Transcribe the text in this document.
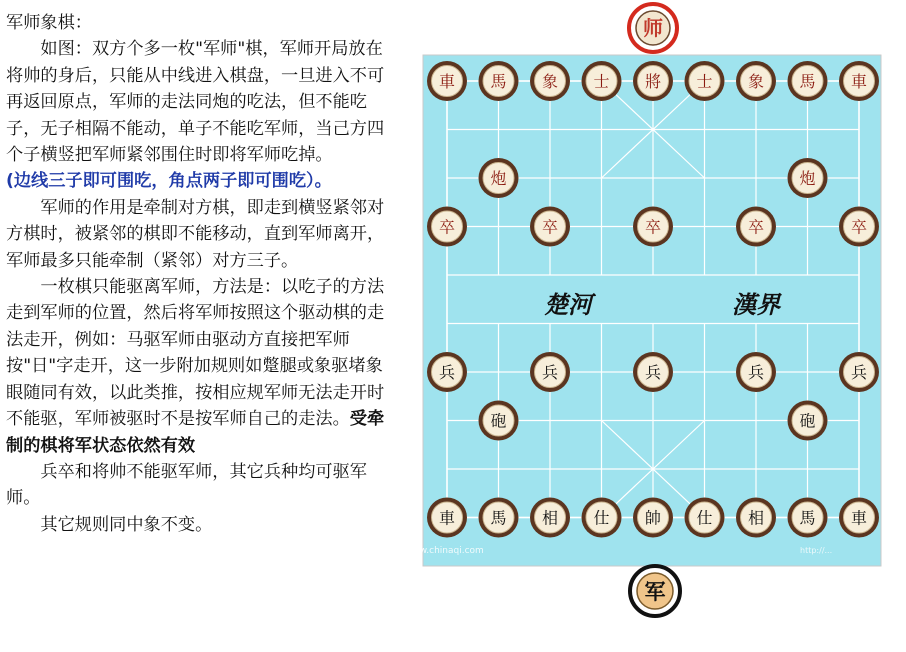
军师象棋：

如图：双方个多一枚"军师"棋，军师开局放在将帅的身后，只能从中线进入棋盘，一旦进入不可再返回原点，军师的走法同炮的吃法，但不能吃子，无子相隔不能动，单子不能吃军师，当己方四个子横竖把军师紧邻围住时即将军师吃掉。

(边线三子即可围吃，角点两子即可围吃）。

军师的作用是牵制对方棋，即走到横竖紧邻对方棋时，被紧邻的棋即不能移动，直到军师离开，军师最多只能牵制（紧邻）对方三子。

一枚棋只能驱离军师，方法是：以吃子的方法走到军师的位置，然后将军师按照这个驱动棋的走法走开，例如：马驱军师由驱动方直接把军师按"日"字走开，这一步附加规则如蹩腿或象驱堵象眼随同有效，以此类推，按相应规军师无法走开时不能驱，军师被驱时不是按军师自己的走法。受牵制的棋将军状态依然有效

兵卒和将帅不能驱军师，其它兵种均可驱军师。

其它规则同中象不变。

楚河	漢界
www.chinaqi.com	http://...
車 馬 象 士 將 士 象 馬 車
炮	炮
卒	卒	卒	卒	卒
兵	兵	兵	兵	兵
砲	砲
車 馬 相 仕 帥 仕 相 馬 車
师
军
